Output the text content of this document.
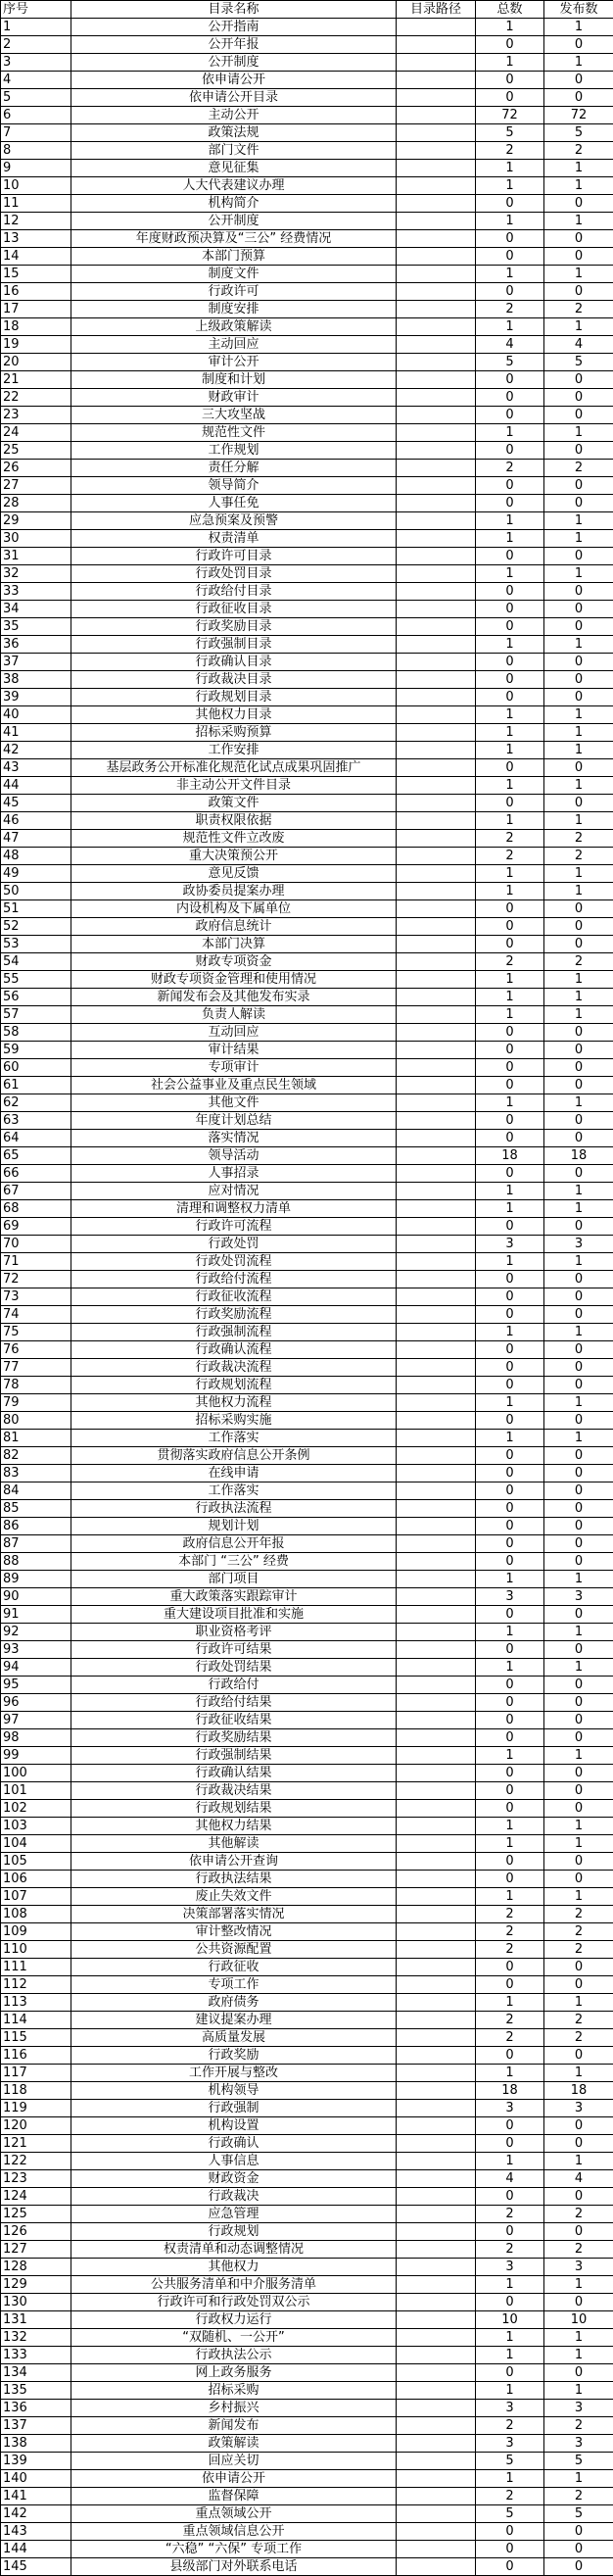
序号	目录名称	目录路径	总数	发布数
1	公开指南		1	1
2	公开年报		0	0
3	公开制度		1	1
4	依申请公开		0	0
5	依申请公开目录		0	0
6	主动公开		72	72
7	政策法规		5	5
8	部门文件		2	2
9	意见征集		1	1
10	人大代表建议办理		1	1
11	机构简介		0	0
12	公开制度		1	1
13	年度财政预决算及“三公” 经费情况		0	0
14	本部门预算		0	0
15	制度文件		1	1
16	行政许可		0	0
17	制度安排		2	2
18	上级政策解读		1	1
19	主动回应		4	4
20	审计公开		5	5
21	制度和计划		0	0
22	财政审计		0	0
23	三大攻坚战		0	0
24	规范性文件		1	1
25	工作规划		0	0
26	责任分解		2	2
27	领导简介		0	0
28	人事任免		0	0
29	应急预案及预警		1	1
30	权责清单		1	1
31	行政许可目录		0	0
32	行政处罚目录		1	1
33	行政给付目录		0	0
34	行政征收目录		0	0
35	行政奖励目录		0	0
36	行政强制目录		1	1
37	行政确认目录		0	0
38	行政裁决目录		0	0
39	行政规划目录		0	0
40	其他权力目录		1	1
41	招标采购预算		1	1
42	工作安排		1	1
43	基层政务公开标准化规范化试点成果巩固推广		0	0
44	非主动公开文件目录		1	1
45	政策文件		0	0
46	职责权限依据		1	1
47	规范性文件立改废		2	2
48	重大决策预公开		2	2
49	意见反馈		1	1
50	政协委员提案办理		1	1
51	内设机构及下属单位		0	0
52	政府信息统计		0	0
53	本部门决算		0	0
54	财政专项资金		2	2
55	财政专项资金管理和使用情况		1	1
56	新闻发布会及其他发布实录		1	1
57	负责人解读		1	1
58	互动回应		0	0
59	审计结果		0	0
60	专项审计		0	0
61	社会公益事业及重点民生领域		0	0
62	其他文件		1	1
63	年度计划总结		0	0
64	落实情况		0	0
65	领导活动		18	18
66	人事招录		0	0
67	应对情况		1	1
68	清理和调整权力清单		1	1
69	行政许可流程		0	0
70	行政处罚		3	3
71	行政处罚流程		1	1
72	行政给付流程		0	0
73	行政征收流程		0	0
74	行政奖励流程		0	0
75	行政强制流程		1	1
76	行政确认流程		0	0
77	行政裁决流程		0	0
78	行政规划流程		0	0
79	其他权力流程		1	1
80	招标采购实施		0	0
81	工作落实		1	1
82	贯彻落实政府信息公开条例		0	0
83	在线申请		0	0
84	工作落实		0	0
85	行政执法流程		0	0
86	规划计划		0	0
87	政府信息公开年报		0	0
88	本部门 “三公” 经费		0	0
89	部门项目		1	1
90	重大政策落实跟踪审计		3	3
91	重大建设项目批准和实施		0	0
92	职业资格考评		1	1
93	行政许可结果		0	0
94	行政处罚结果		1	1
95	行政给付		0	0
96	行政给付结果		0	0
97	行政征收结果		0	0
98	行政奖励结果		0	0
99	行政强制结果		1	1
100	行政确认结果		0	0
101	行政裁决结果		0	0
102	行政规划结果		0	0
103	其他权力结果		1	1
104	其他解读		1	1
105	依申请公开查询		0	0
106	行政执法结果		0	0
107	废止失效文件		1	1
108	决策部署落实情况		2	2
109	审计整改情况		2	2
110	公共资源配置		2	2
111	行政征收		0	0
112	专项工作		0	0
113	政府债务		1	1
114	建议提案办理		2	2
115	高质量发展		2	2
116	行政奖励		0	0
117	工作开展与整改		1	1
118	机构领导		18	18
119	行政强制		3	3
120	机构设置		0	0
121	行政确认		0	0
122	人事信息		1	1
123	财政资金		4	4
124	行政裁决		0	0
125	应急管理		2	2
126	行政规划		0	0
127	权责清单和动态调整情况		2	2
128	其他权力		3	3
129	公共服务清单和中介服务清单		1	1
130	行政许可和行政处罚双公示		0	0
131	行政权力运行		10	10
132	“双随机、一公开”		1	1
133	行政执法公示		1	1
134	网上政务服务		0	0
135	招标采购		1	1
136	乡村振兴		3	3
137	新闻发布		2	2
138	政策解读		3	3
139	回应关切		5	5
140	依申请公开		1	1
141	监督保障		2	2
142	重点领域公开		5	5
143	重点领域信息公开		0	0
144	“六稳” “六保” 专项工作		0	0
145	县级部门对外联系电话		0	0
